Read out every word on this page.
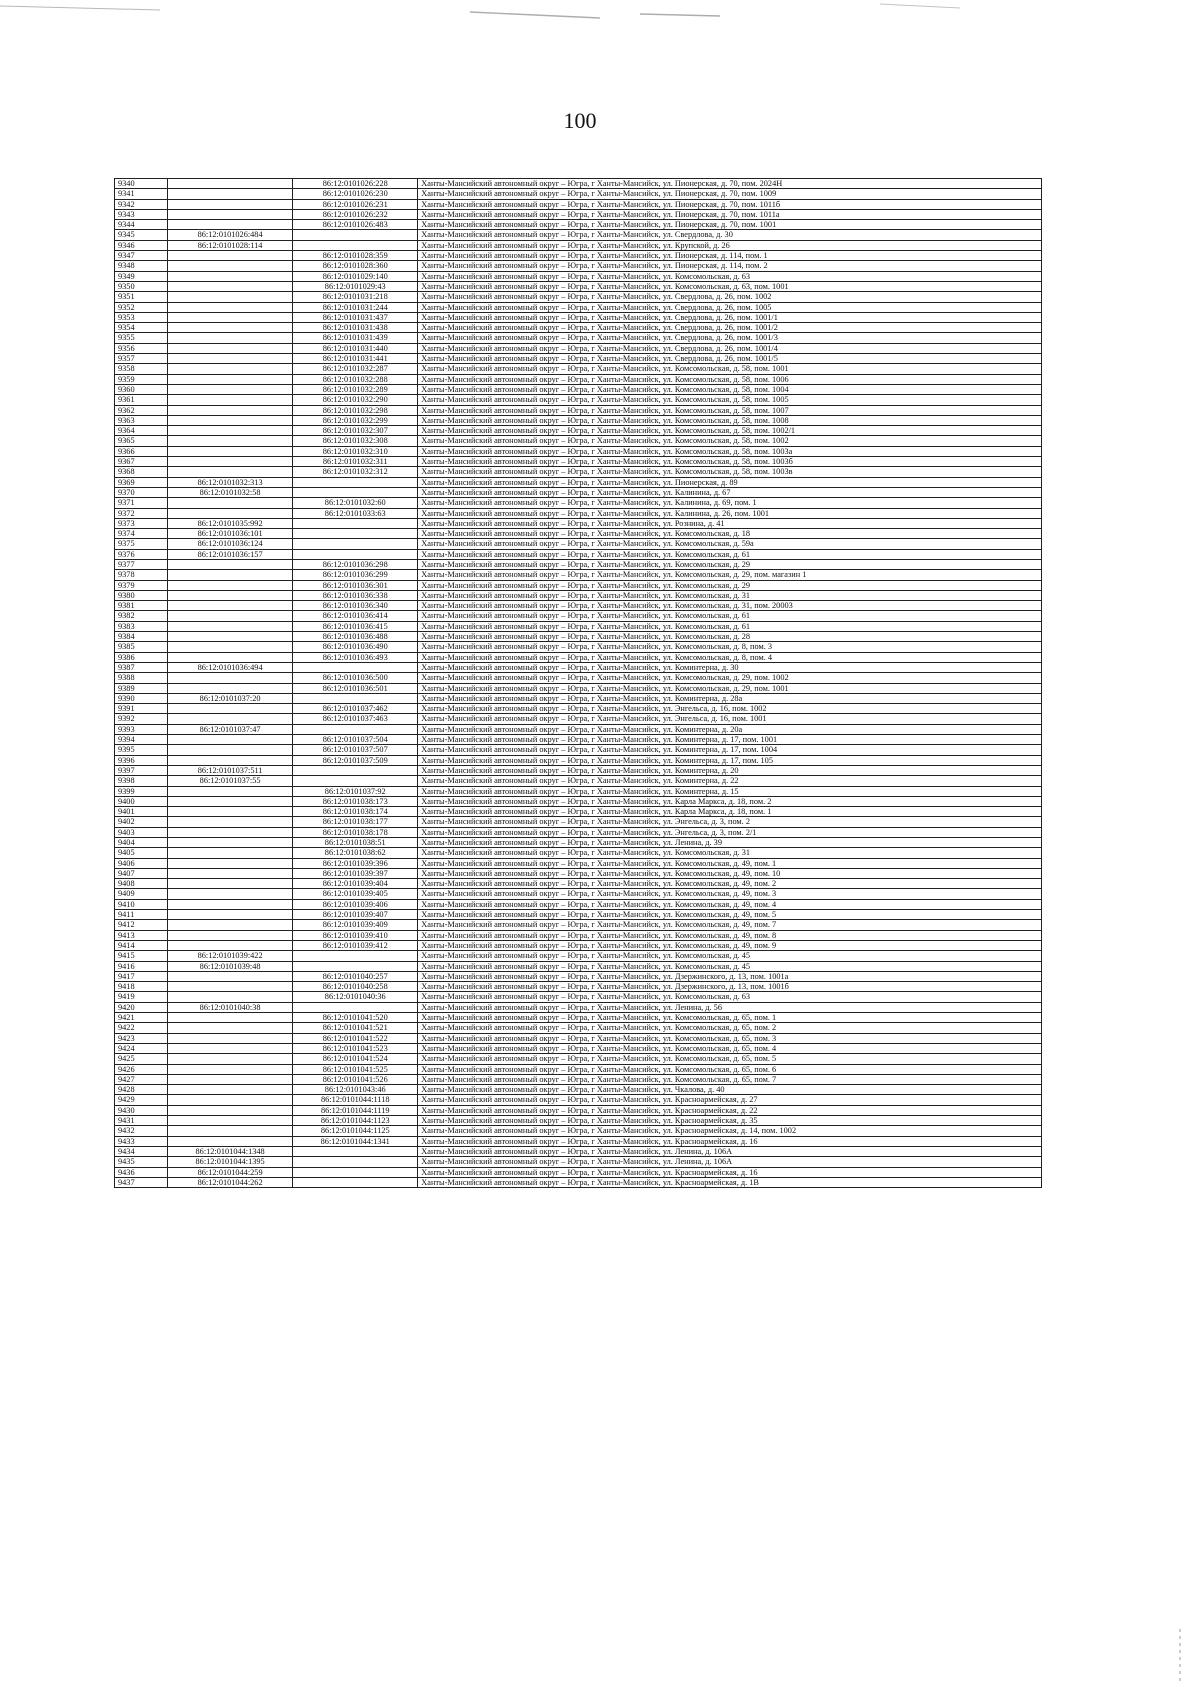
100
9340		86:12:0101026:228	Ханты-Мансийский автономный округ – Югра, г Ханты-Мансийск, ул. Пионерская, д. 70, пом. 2024Н
9341		86:12:0101026:230	Ханты-Мансийский автономный округ – Югра, г Ханты-Мансийск, ул. Пионерская, д. 70, пом. 1009
9342		86:12:0101026:231	Ханты-Мансийский автономный округ – Югра, г Ханты-Мансийск, ул. Пионерская, д. 70, пом. 1011б
9343		86:12:0101026:232	Ханты-Мансийский автономный округ – Югра, г Ханты-Мансийск, ул. Пионерская, д. 70, пом. 1011а
9344		86:12:0101026:483	Ханты-Мансийский автономный округ – Югра, г Ханты-Мансийск, ул. Пионерская, д. 70, пом. 1001
9345	86:12:0101026:484		Ханты-Мансийский автономный округ – Югра, г Ханты-Мансийск, ул. Свердлова, д. 30
9346	86:12:0101028:114		Ханты-Мансийский автономный округ – Югра, г Ханты-Мансийск, ул. Крупской, д. 26
9347		86:12:0101028:359	Ханты-Мансийский автономный округ – Югра, г Ханты-Мансийск, ул. Пионерская, д. 114, пом. 1
9348		86:12:0101028:360	Ханты-Мансийский автономный округ – Югра, г Ханты-Мансийск, ул. Пионерская, д. 114, пом. 2
9349		86:12:0101029:140	Ханты-Мансийский автономный округ – Югра, г Ханты-Мансийск, ул. Комсомольская, д. 63
9350		86:12:0101029:43	Ханты-Мансийский автономный округ – Югра, г Ханты-Мансийск, ул. Комсомольская, д. 63, пом. 1001
9351		86:12:0101031:218	Ханты-Мансийский автономный округ – Югра, г Ханты-Мансийск, ул. Свердлова, д. 26, пом. 1002
9352		86:12:0101031:244	Ханты-Мансийский автономный округ – Югра, г Ханты-Мансийск, ул. Свердлова, д. 26, пом. 1005
9353		86:12:0101031:437	Ханты-Мансийский автономный округ – Югра, г Ханты-Мансийск, ул. Свердлова, д. 26, пом. 1001/1
9354		86:12:0101031:438	Ханты-Мансийский автономный округ – Югра, г Ханты-Мансийск, ул. Свердлова, д. 26, пом. 1001/2
9355		86:12:0101031:439	Ханты-Мансийский автономный округ – Югра, г Ханты-Мансийск, ул. Свердлова, д. 26, пом. 1001/3
9356		86:12:0101031:440	Ханты-Мансийский автономный округ – Югра, г Ханты-Мансийск, ул. Свердлова, д. 26, пом. 1001/4
9357		86:12:0101031:441	Ханты-Мансийский автономный округ – Югра, г Ханты-Мансийск, ул. Свердлова, д. 26, пом. 1001/5
9358		86:12:0101032:287	Ханты-Мансийский автономный округ – Югра, г Ханты-Мансийск, ул. Комсомольская, д. 58, пом. 1001
9359		86:12:0101032:288	Ханты-Мансийский автономный округ – Югра, г Ханты-Мансийск, ул. Комсомольская, д. 58, пом. 1006
9360		86:12:0101032:289	Ханты-Мансийский автономный округ – Югра, г Ханты-Мансийск, ул. Комсомольская, д. 58, пом. 1004
9361		86:12:0101032:290	Ханты-Мансийский автономный округ – Югра, г Ханты-Мансийск, ул. Комсомольская, д. 58, пом. 1005
9362		86:12:0101032:298	Ханты-Мансийский автономный округ – Югра, г Ханты-Мансийск, ул. Комсомольская, д. 58, пом. 1007
9363		86:12:0101032:299	Ханты-Мансийский автономный округ – Югра, г Ханты-Мансийск, ул. Комсомольская, д. 58, пом. 1008
9364		86:12:0101032:307	Ханты-Мансийский автономный округ – Югра, г Ханты-Мансийск, ул. Комсомольская, д. 58, пом. 1002/1
9365		86:12:0101032:308	Ханты-Мансийский автономный округ – Югра, г Ханты-Мансийск, ул. Комсомольская, д. 58, пом. 1002
9366		86:12:0101032:310	Ханты-Мансийский автономный округ – Югра, г Ханты-Мансийск, ул. Комсомольская, д. 58, пом. 1003а
9367		86:12:0101032:311	Ханты-Мансийский автономный округ – Югра, г Ханты-Мансийск, ул. Комсомольская, д. 58, пом. 1003б
9368		86:12:0101032:312	Ханты-Мансийский автономный округ – Югра, г Ханты-Мансийск, ул. Комсомольская, д. 58, пом. 1003в
9369	86:12:0101032:313		Ханты-Мансийский автономный округ – Югра, г Ханты-Мансийск, ул. Пионерская, д. 89
9370	86:12:0101032:58		Ханты-Мансийский автономный округ – Югра, г Ханты-Мансийск, ул. Калинина, д. 67
9371		86:12:0101032:60	Ханты-Мансийский автономный округ – Югра, г Ханты-Мансийск, ул. Калинина, д. 69, пом. 1
9372		86:12:0101033:63	Ханты-Мансийский автономный округ – Югра, г Ханты-Мансийск, ул. Калинина, д. 26, пом. 1001
9373	86:12:0101035:992		Ханты-Мансийский автономный округ – Югра, г Ханты-Мансийск, ул. Рознина, д. 41
9374	86:12:0101036:101		Ханты-Мансийский автономный округ – Югра, г Ханты-Мансийск, ул. Комсомольская, д. 18
9375	86:12:0101036:124		Ханты-Мансийский автономный округ – Югра, г Ханты-Мансийск, ул. Комсомольская, д. 59а
9376	86:12:0101036:157		Ханты-Мансийский автономный округ – Югра, г Ханты-Мансийск, ул. Комсомольская, д. 61
9377		86:12:0101036:298	Ханты-Мансийский автономный округ – Югра, г Ханты-Мансийск, ул. Комсомольская, д. 29
9378		86:12:0101036:299	Ханты-Мансийский автономный округ – Югра, г Ханты-Мансийск, ул. Комсомольская, д. 29, пом. магазин 1
9379		86:12:0101036:301	Ханты-Мансийский автономный округ – Югра, г Ханты-Мансийск, ул. Комсомольская, д. 29
9380		86:12:0101036:338	Ханты-Мансийский автономный округ – Югра, г Ханты-Мансийск, ул. Комсомольская, д. 31
9381		86:12:0101036:340	Ханты-Мансийский автономный округ – Югра, г Ханты-Мансийск, ул. Комсомольская, д. 31, пом. 20003
9382		86:12:0101036:414	Ханты-Мансийский автономный округ – Югра, г Ханты-Мансийск, ул. Комсомольская, д. 61
9383		86:12:0101036:415	Ханты-Мансийский автономный округ – Югра, г Ханты-Мансийск, ул. Комсомольская, д. 61
9384		86:12:0101036:488	Ханты-Мансийский автономный округ – Югра, г Ханты-Мансийск, ул. Комсомольская, д. 28
9385		86:12:0101036:490	Ханты-Мансийский автономный округ – Югра, г Ханты-Мансийск, ул. Комсомольская, д. 8, пом. 3
9386		86:12:0101036:493	Ханты-Мансийский автономный округ – Югра, г Ханты-Мансийск, ул. Комсомольская, д. 8, пом. 4
9387	86:12:0101036:494		Ханты-Мансийский автономный округ – Югра, г Ханты-Мансийск, ул. Коминтерна, д. 30
9388		86:12:0101036:500	Ханты-Мансийский автономный округ – Югра, г Ханты-Мансийск, ул. Комсомольская, д. 29, пом. 1002
9389		86:12:0101036:501	Ханты-Мансийский автономный округ – Югра, г Ханты-Мансийск, ул. Комсомольская, д. 29, пом. 1001
9390	86:12:0101037:20		Ханты-Мансийский автономный округ – Югра, г Ханты-Мансийск, ул. Коминтерна, д. 28а
9391		86:12:0101037:462	Ханты-Мансийский автономный округ – Югра, г Ханты-Мансийск, ул. Энгельса, д. 16, пом. 1002
9392		86:12:0101037:463	Ханты-Мансийский автономный округ – Югра, г Ханты-Мансийск, ул. Энгельса, д. 16, пом. 1001
9393	86:12:0101037:47		Ханты-Мансийский автономный округ – Югра, г Ханты-Мансийск, ул. Коминтерна, д. 20а
9394		86:12:0101037:504	Ханты-Мансийский автономный округ – Югра, г Ханты-Мансийск, ул. Коминтерна, д. 17, пом. 1001
9395		86:12:0101037:507	Ханты-Мансийский автономный округ – Югра, г Ханты-Мансийск, ул. Коминтерна, д. 17, пом. 1004
9396		86:12:0101037:509	Ханты-Мансийский автономный округ – Югра, г Ханты-Мансийск, ул. Коминтерна, д. 17, пом. 105
9397	86:12:0101037:511		Ханты-Мансийский автономный округ – Югра, г Ханты-Мансийск, ул. Коминтерна, д. 20
9398	86:12:0101037:55		Ханты-Мансийский автономный округ – Югра, г Ханты-Мансийск, ул. Коминтерна, д. 22
9399		86:12:0101037:92	Ханты-Мансийский автономный округ – Югра, г Ханты-Мансийск, ул. Коминтерна, д. 15
9400		86:12:0101038:173	Ханты-Мансийский автономный округ – Югра, г Ханты-Мансийск, ул. Карла Маркса, д. 18, пом. 2
9401		86:12:0101038:174	Ханты-Мансийский автономный округ – Югра, г Ханты-Мансийск, ул. Карла Маркса, д. 18, пом. 1
9402		86:12:0101038:177	Ханты-Мансийский автономный округ – Югра, г Ханты-Мансийск, ул. Энгельса, д. 3, пом. 2
9403		86:12:0101038:178	Ханты-Мансийский автономный округ – Югра, г Ханты-Мансийск, ул. Энгельса, д. 3, пом. 2/1
9404		86:12:0101038:51	Ханты-Мансийский автономный округ – Югра, г Ханты-Мансийск, ул. Ленина, д. 39
9405		86:12:0101038:62	Ханты-Мансийский автономный округ – Югра, г Ханты-Мансийск, ул. Комсомольская, д. 31
9406		86:12:0101039:396	Ханты-Мансийский автономный округ – Югра, г Ханты-Мансийск, ул. Комсомольская, д. 49, пом. 1
9407		86:12:0101039:397	Ханты-Мансийский автономный округ – Югра, г Ханты-Мансийск, ул. Комсомольская, д. 49, пом. 10
9408		86:12:0101039:404	Ханты-Мансийский автономный округ – Югра, г Ханты-Мансийск, ул. Комсомольская, д. 49, пом. 2
9409		86:12:0101039:405	Ханты-Мансийский автономный округ – Югра, г Ханты-Мансийск, ул. Комсомольская, д. 49, пом. 3
9410		86:12:0101039:406	Ханты-Мансийский автономный округ – Югра, г Ханты-Мансийск, ул. Комсомольская, д. 49, пом. 4
9411		86:12:0101039:407	Ханты-Мансийский автономный округ – Югра, г Ханты-Мансийск, ул. Комсомольская, д. 49, пом. 5
9412		86:12:0101039:409	Ханты-Мансийский автономный округ – Югра, г Ханты-Мансийск, ул. Комсомольская, д. 49, пом. 7
9413		86:12:0101039:410	Ханты-Мансийский автономный округ – Югра, г Ханты-Мансийск, ул. Комсомольская, д. 49, пом. 8
9414		86:12:0101039:412	Ханты-Мансийский автономный округ – Югра, г Ханты-Мансийск, ул. Комсомольская, д. 49, пом. 9
9415	86:12:0101039:422		Ханты-Мансийский автономный округ – Югра, г Ханты-Мансийск, ул. Комсомольская, д. 45
9416	86:12:0101039:48		Ханты-Мансийский автономный округ – Югра, г Ханты-Мансийск, ул. Комсомольская, д. 45
9417		86:12:0101040:257	Ханты-Мансийский автономный округ – Югра, г Ханты-Мансийск, ул. Дзержинского, д. 13, пом. 1001а
9418		86:12:0101040:258	Ханты-Мансийский автономный округ – Югра, г Ханты-Мансийск, ул. Дзержинского, д. 13, пом. 1001б
9419		86:12:0101040:36	Ханты-Мансийский автономный округ – Югра, г Ханты-Мансийск, ул. Комсомольская, д. 63
9420	86:12:0101040:38		Ханты-Мансийский автономный округ – Югра, г Ханты-Мансийск, ул. Ленина, д. 56
9421		86:12:0101041:520	Ханты-Мансийский автономный округ – Югра, г Ханты-Мансийск, ул. Комсомольская, д. 65, пом. 1
9422		86:12:0101041:521	Ханты-Мансийский автономный округ – Югра, г Ханты-Мансийск, ул. Комсомольская, д. 65, пом. 2
9423		86:12:0101041:522	Ханты-Мансийский автономный округ – Югра, г Ханты-Мансийск, ул. Комсомольская, д. 65, пом. 3
9424		86:12:0101041:523	Ханты-Мансийский автономный округ – Югра, г Ханты-Мансийск, ул. Комсомольская, д. 65, пом. 4
9425		86:12:0101041:524	Ханты-Мансийский автономный округ – Югра, г Ханты-Мансийск, ул. Комсомольская, д. 65, пом. 5
9426		86:12:0101041:525	Ханты-Мансийский автономный округ – Югра, г Ханты-Мансийск, ул. Комсомольская, д. 65, пом. 6
9427		86:12:0101041:526	Ханты-Мансийский автономный округ – Югра, г Ханты-Мансийск, ул. Комсомольская, д. 65, пом. 7
9428		86:12:0101043:46	Ханты-Мансийский автономный округ – Югра, г Ханты-Мансийск, ул. Чкалова, д. 40
9429		86:12:0101044:1118	Ханты-Мансийский автономный округ – Югра, г Ханты-Мансийск, ул. Красноармейская, д. 27
9430		86:12:0101044:1119	Ханты-Мансийский автономный округ – Югра, г Ханты-Мансийск, ул. Красноармейская, д. 22
9431		86:12:0101044:1123	Ханты-Мансийский автономный округ – Югра, г Ханты-Мансийск, ул. Красноармейская, д. 35
9432		86:12:0101044:1125	Ханты-Мансийский автономный округ – Югра, г Ханты-Мансийск, ул. Красноармейская, д. 14, пом. 1002
9433		86:12:0101044:1341	Ханты-Мансийский автономный округ – Югра, г Ханты-Мансийск, ул. Красноармейская, д. 16
9434	86:12:0101044:1348		Ханты-Мансийский автономный округ – Югра, г Ханты-Мансийск, ул. Ленина, д. 106А
9435	86:12:0101044:1395		Ханты-Мансийский автономный округ – Югра, г Ханты-Мансийск, ул. Ленина, д. 106А
9436	86:12:0101044:259		Ханты-Мансийский автономный округ – Югра, г Ханты-Мансийск, ул. Красноармейская, д. 16
9437	86:12:0101044:262		Ханты-Мансийский автономный округ – Югра, г Ханты-Мансийск, ул. Красноармейская, д. 1В
